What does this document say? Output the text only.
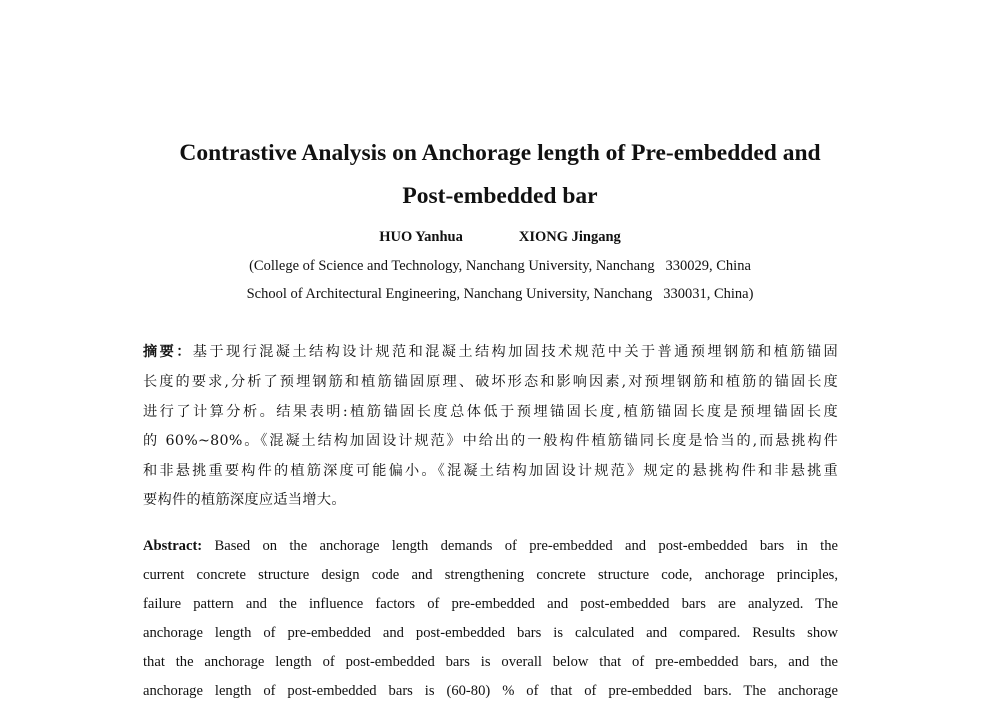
Contrastive Analysis on Anchorage length of Pre-embedded and
Post-embedded bar
HUO Yanhua	XIONG Jingang
(College of Science and Technology, Nanchang University, Nanchang   330029, China
School of Architectural Engineering, Nanchang University, Nanchang   330031, China)
摘要：基于现行混凝土结构设计规范和混凝土结构加固技术规范中关于普通预埋钢筋和植筋锚固
长度的要求,分析了预埋钢筋和植筋锚固原理、破坏形态和影响因素,对预埋钢筋和植筋的锚固长度
进行了计算分析。结果表明:植筋锚固长度总体低于预埋锚固长度,植筋锚固长度是预埋锚固长度
的 60%~80%。《混凝土结构加固设计规范》中给出的一般构件植筋锚同长度是恰当的,而悬挑构件
和非悬挑重要构件的植筋深度可能偏小。《混凝土结构加固设计规范》规定的悬挑构件和非悬挑重
要构件的植筋深度应适当增大。
Abstract: Based on the anchorage length demands of pre-embedded and post-embedded bars in the
current concrete structure design code and strengthening concrete structure code, anchorage principles,
failure pattern and the influence factors of pre-embedded and post-embedded bars are analyzed. The
anchorage length of pre-embedded and post-embedded bars is calculated and compared. Results show
that the anchorage length of post-embedded bars is overall below that of pre-embedded bars, and the
anchorage length of post-embedded bars is (60-80) % of that of pre-embedded bars. The anchorage
